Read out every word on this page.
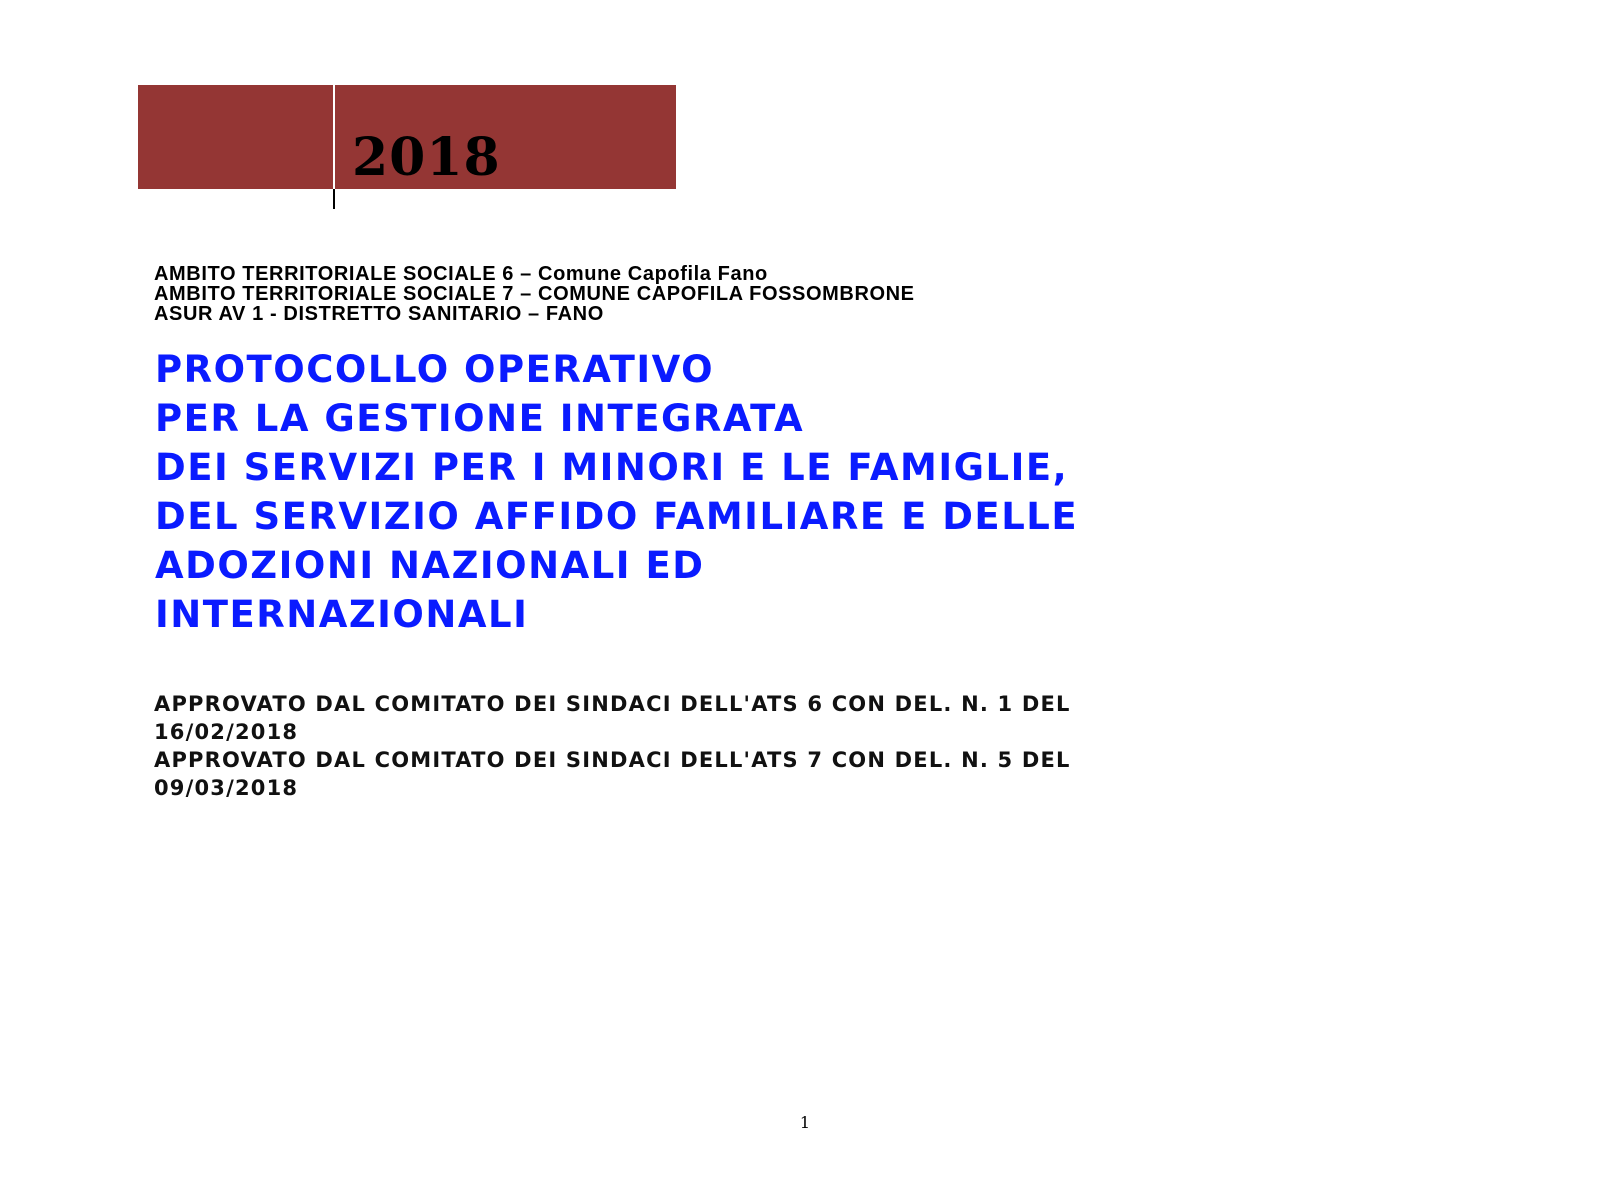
2018
AMBITO TERRITORIALE SOCIALE 6 – Comune Capofila Fano
AMBITO TERRITORIALE SOCIALE 7 – COMUNE CAPOFILA FOSSOMBRONE
ASUR AV 1 - DISTRETTO SANITARIO – FANO
PROTOCOLLO OPERATIVO
PER LA GESTIONE INTEGRATA
DEI SERVIZI PER I MINORI E LE FAMIGLIE,
DEL SERVIZIO AFFIDO FAMILIARE E DELLE
ADOZIONI NAZIONALI ED
INTERNAZIONALI
APPROVATO DAL COMITATO DEI SINDACI DELL'ATS 6 CON DEL. N. 1 DEL
16/02/2018
APPROVATO DAL COMITATO DEI SINDACI DELL'ATS 7 CON DEL. N. 5 DEL
09/03/2018
1
